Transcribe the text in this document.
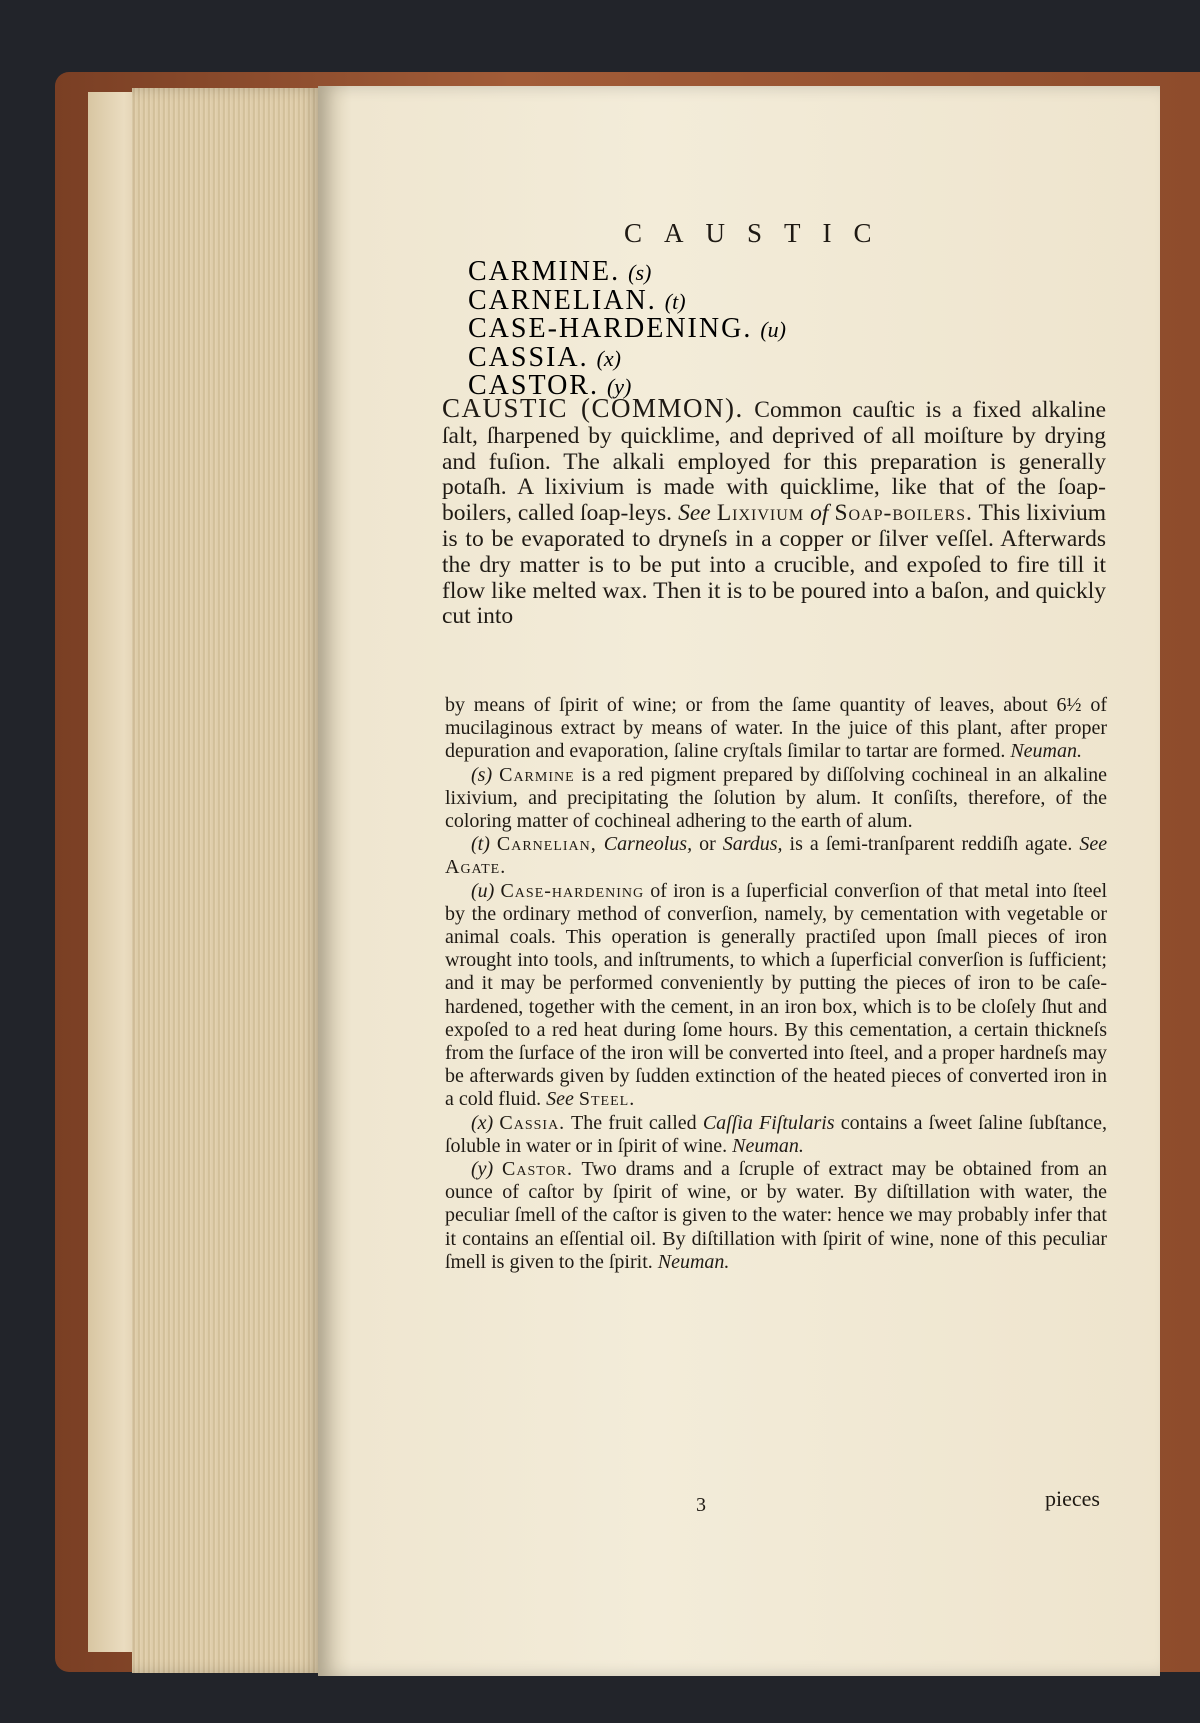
CAUSTIC
CARMINE. (s)
CARNELIAN. (t)
CASE-HARDENING. (u)
CASSIA. (x)
CASTOR. (y)

CAUSTIC (COMMON). Common cauſtic is a fixed alkaline ſalt, ſharpened by quicklime, and deprived of all moiſture by drying and fuſion. The alkali employed for this preparation is generally potaſh. A lixivium is made with quicklime, like that of the ſoap-boilers, called ſoap-leys. See Lixivium of Soap-boilers. This lixivium is to be evaporated to dryneſs in a copper or ſilver veſſel. Afterwards the dry matter is to be put into a crucible, and expoſed to fire till it flow like melted wax. Then it is to be poured into a baſon, and quickly cut into

by means of ſpirit of wine; or from the ſame quantity of leaves, about 6½ of mucilaginous extract by means of water. In the juice of this plant, after proper depuration and evaporation, ſaline cryſtals ſimilar to tartar are formed. Neuman.

(s) Carmine is a red pigment prepared by diſſolving cochineal in an alkaline lixivium, and precipitating the ſolution by alum. It conſiſts, therefore, of the coloring matter of cochineal adhering to the earth of alum.

(t) Carnelian, Carneolus, or Sardus, is a ſemi-tranſparent reddiſh agate. See Agate.

(u) Case-hardening of iron is a ſuperficial converſion of that metal into ſteel by the ordinary method of converſion, namely, by cementation with vegetable or animal coals. This operation is generally practiſed upon ſmall pieces of iron wrought into tools, and inſtruments, to which a ſuperficial converſion is ſufficient; and it may be performed conveniently by putting the pieces of iron to be caſe-hardened, together with the cement, in an iron box, which is to be cloſely ſhut and expoſed to a red heat during ſome hours. By this cementation, a certain thickneſs from the ſurface of the iron will be converted into ſteel, and a proper hardneſs may be afterwards given by ſudden extinction of the heated pieces of converted iron in a cold fluid. See Steel.

(x) Cassia. The fruit called Caſſia Fiſtularis contains a ſweet ſaline ſubſtance, ſoluble in water or in ſpirit of wine. Neuman.

(y) Castor. Two drams and a ſcruple of extract may be obtained from an ounce of caſtor by ſpirit of wine, or by water. By diſtillation with water, the peculiar ſmell of the caſtor is given to the water: hence we may probably infer that it contains an eſſential oil. By diſtillation with ſpirit of wine, none of this peculiar ſmell is given to the ſpirit. Neuman.

3	pieces
